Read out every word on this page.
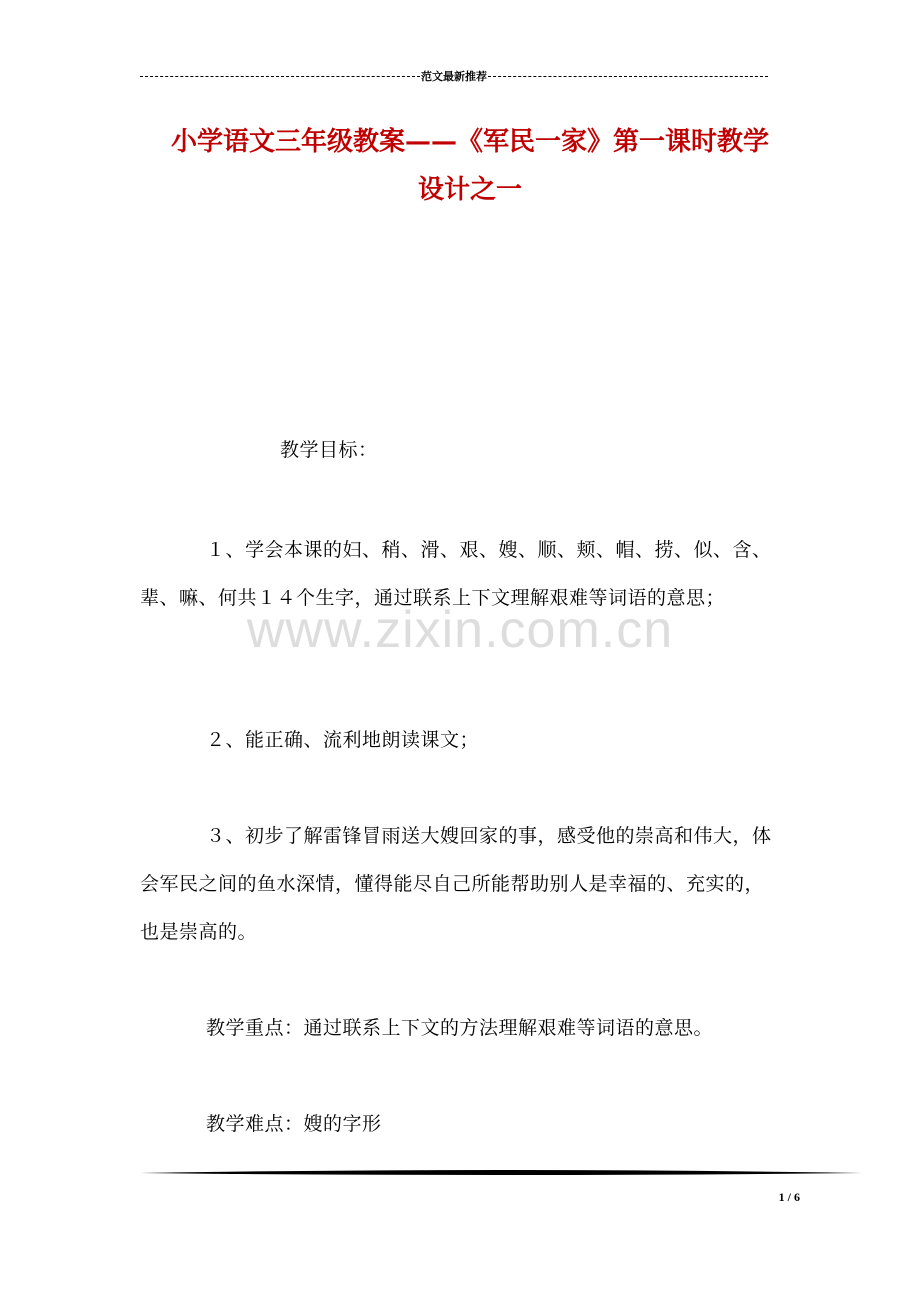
范文最新推荐
小学语文三年级教案——《军民一家》第一课时教学
设计之一
教学目标：
１、学会本课的妇、稍、滑、艰、嫂、顺、颊、帽、捞、似、含、辈、嘛、何共１４个生字，通过联系上下文理解艰难等词语的意思；
２、能正确、流利地朗读课文；
３、初步了解雷锋冒雨送大嫂回家的事，感受他的崇高和伟大，体会军民之间的鱼水深情，懂得能尽自己所能帮助别人是幸福的、充实的，也是崇高的。
教学重点：通过联系上下文的方法理解艰难等词语的意思。
教学难点：嫂的字形
www.zixin.com.cn
1 / 6
